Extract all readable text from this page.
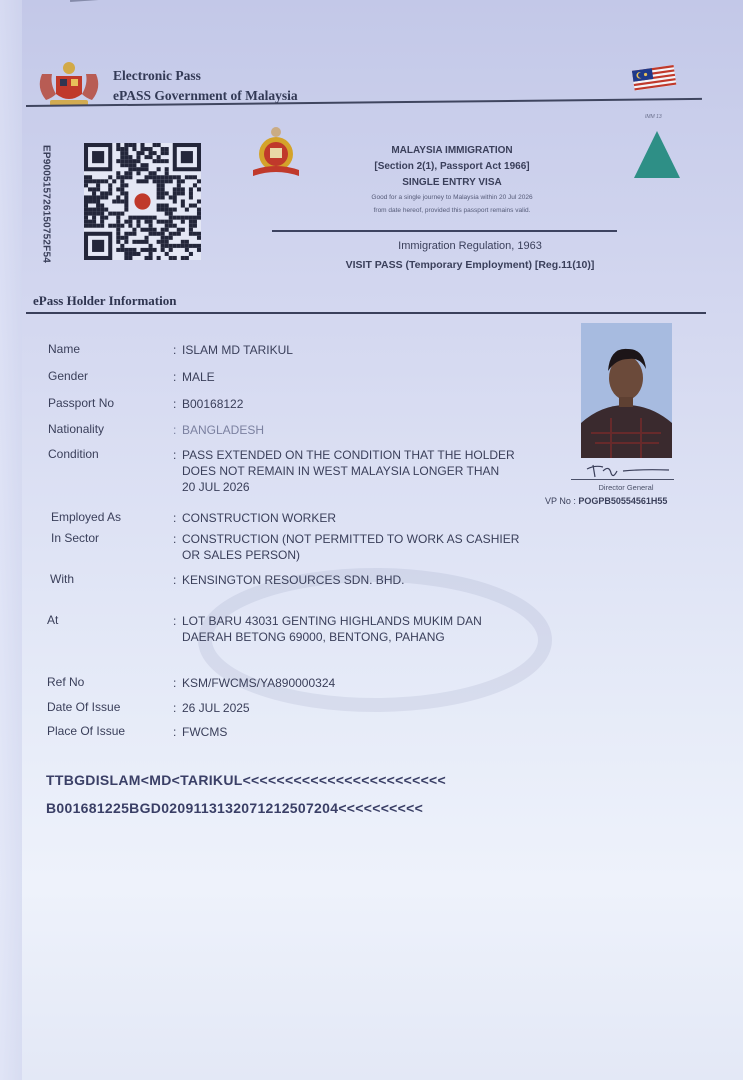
Electronic Pass
ePASS Government of Malaysia
IMM 13
EP900515726150752F54	MALAYSIA IMMIGRATION
[Section 2(1), Passport Act 1966]
SINGLE ENTRY VISA
Good for a single journey to Malaysia within 20 Jul 2026
from date hereof, provided this passport remains valid.
Immigration Regulation, 1963
VISIT PASS (Temporary Employment) [Reg.11(10)]
ePass Holder Information
Name	: ISLAM MD TARIKUL
Gender	: MALE
Passport No	: B00168122
Nationality	: BANGLADESH
Condition	: PASS EXTENDED ON THE CONDITION THAT THE HOLDER
DOES NOT REMAIN IN WEST MALAYSIA LONGER THAN
20 JUL 2026
Employed As	: CONSTRUCTION WORKER
In Sector	: CONSTRUCTION (NOT PERMITTED TO WORK AS CASHIER
OR SALES PERSON)
With	: KENSINGTON RESOURCES SDN. BHD.
At	: LOT BARU 43031 GENTING HIGHLANDS MUKIM DAN
DAERAH BETONG 69000, BENTONG, PAHANG
Ref No	: KSM/FWCMS/YA890000324
Date Of Issue	: 26 JUL 2025
Place Of Issue	: FWCMS
Director General
VP No : POGPB50554561H55
TTBGDISLAM<MD<TARIKUL<<<<<<<<<<<<<<<<<<<<<<<<
B001681225BGD0209113132071212507204<<<<<<<<<<
